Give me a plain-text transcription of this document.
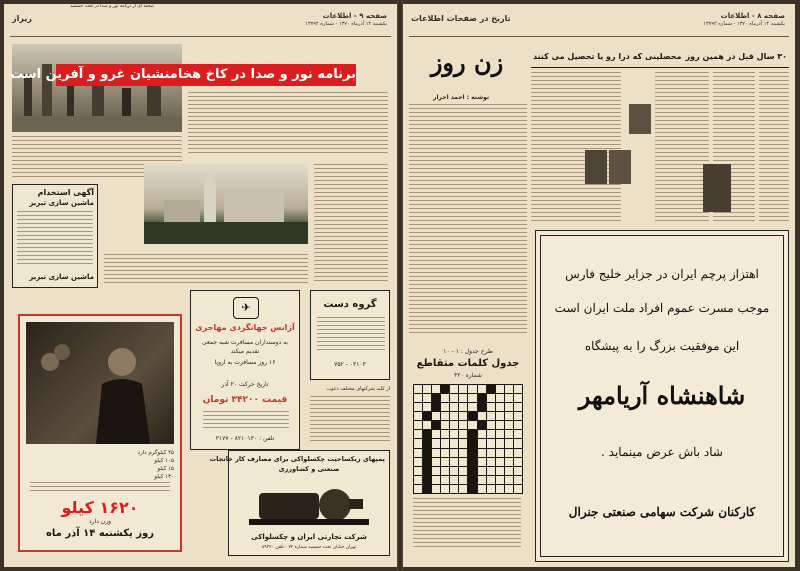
صفحه ۹ - اطلاعات
یکشنبه ۱۴ آذرماه ۱۳۷۰ - شماره ۱۳۷۹۲
ریراز
برنامه نور و صدا در کاخ هخامنشیان غرو و آفرین است
صحنه ای از برنامه نور و صدا در تخت جمشید
آگهی استخدام
ماشین سازی تبریز
ماشین سازی تبریز
۴۵ کیلوگرم دارد
۱۰۵ کیلو
۱۵ کیلو
۱۳۰ کیلو
۱۶۲۰ کیلو
وزن دارد
روز یکشنبه ۱۴ آذر ماه
✈
آژانس جهانگردی مهاجری
به دوستداران مسافرت شبه جمعی
تقدیم میکند
۱۶ روز مسافرت به اروپا
تاریخ حرکت ۲۰ آذر
قیمت ۳۴۲۰۰ تومان
تلفن : ۸۲۱۰۱۳۰ - ۳۱۷۷
گروه دست
۰۳۱۰۳ - ۷۵۲
از کلیه شرکتهای مختلف دعوت
پمپهای زیکساحیت چکسلواکی برای مصارف کار خانجات
صنعتی و کشاورزی
شرکت تجارتی ایران و چکسلواکی
تهران خیابان تخت جمشید شماره ۲۲ - تلفن ۸۹۳۲۰
صفحه ۸ - اطلاعات
یکشنبه ۱۴ آذرماه ۱۳۷۰ - شماره ۱۳۷۹۲
تاریخ در صفحات اطلاعات
زن روز
نوشته : احمد احرار
۳۰ سال قبل در همین روز
محصلینی که درا رو یا تحصیل می کنند
طرح جدول : ۱ - ۱۰
جدول کلمات متقاطع
شماره ۴۲۰
اهتزاز پرچم ایران در جزایر خلیج فارس
موجب مسرت عموم افراد ملت ایران است
این موفقیت بزرگ را به پیشگاه
شاهنشاه آریامهر
شاد باش عرض مینماید .
کارکنان شرکت سهامی صنعتی جنرال
